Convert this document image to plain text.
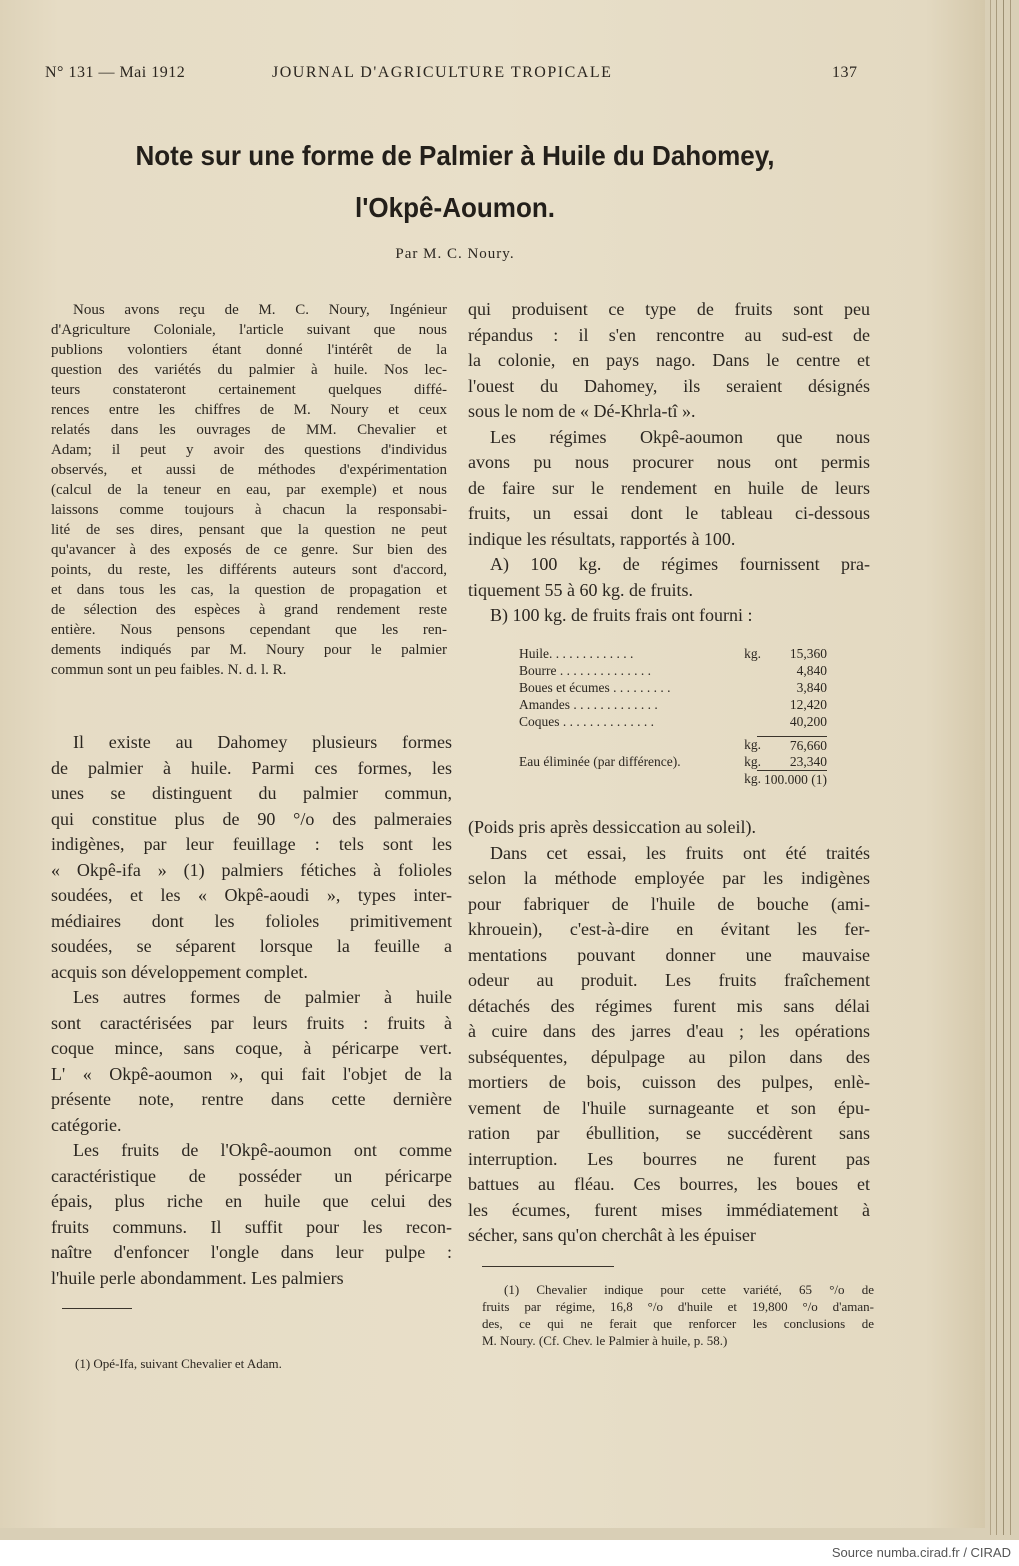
N° 131 — Mai 1912	JOURNAL D'AGRICULTURE TROPICALE	137
Note sur une forme de Palmier à Huile du Dahomey,
l'Okpê-Aoumon.
Par M. C. Noury.
Nous avons reçu de M. C. Noury, Ingénieur
d'Agriculture Coloniale, l'article suivant que nous
publions volontiers étant donné l'intérêt de la
question des variétés du palmier à huile. Nos lec-
teurs constateront certainement quelques diffé-
rences entre les chiffres de M. Noury et ceux
relatés dans les ouvrages de MM. Chevalier et
Adam; il peut y avoir des questions d'individus
observés, et aussi de méthodes d'expérimentation
(calcul de la teneur en eau, par exemple) et nous
laissons comme toujours à chacun la responsabi-
lité de ses dires, pensant que la question ne peut
qu'avancer à des exposés de ce genre. Sur bien des
points, du reste, les différents auteurs sont d'accord,
et dans tous les cas, la question de propagation et
de sélection des espèces à grand rendement reste
entière. Nous pensons cependant que les ren-
dements indiqués par M. Noury pour le palmier
commun sont un peu faibles. N. d. l. R.
Il existe au Dahomey plusieurs formes
de palmier à huile. Parmi ces formes, les
unes se distinguent du palmier commun,
qui constitue plus de 90 °/o des palmeraies
indigènes, par leur feuillage : tels sont les
« Okpê-ifa » (1) palmiers fétiches à folioles
soudées, et les « Okpê-aoudi », types inter-
médiaires dont les folioles primitivement
soudées, se séparent lorsque la feuille a
acquis son développement complet.
Les autres formes de palmier à huile
sont caractérisées par leurs fruits : fruits à
coque mince, sans coque, à péricarpe vert.
L' « Okpê-aoumon », qui fait l'objet de la
présente note, rentre dans cette dernière
catégorie.
Les fruits de l'Okpê-aoumon ont comme
caractéristique de posséder un péricarpe
épais, plus riche en huile que celui des
fruits communs. Il suffit pour les recon-
naître d'enfoncer l'ongle dans leur pulpe :
l'huile perle abondamment. Les palmiers
(1) Opé-Ifa, suivant Chevalier et Adam.
qui produisent ce type de fruits sont peu
répandus : il s'en rencontre au sud-est de
la colonie, en pays nago. Dans le centre et
l'ouest du Dahomey, ils seraient désignés
sous le nom de « Dé-Khrla-tî ».
Les régimes Okpê-aoumon que nous
avons pu nous procurer nous ont permis
de faire sur le rendement en huile de leurs
fruits, un essai dont le tableau ci-dessous
indique les résultats, rapportés à 100.
A) 100 kg. de régimes fournissent pra-
tiquement 55 à 60 kg. de fruits.
B) 100 kg. de fruits frais ont fourni :
Huile. . . . . . . . . . . . .	kg.	15,360
Bourre . . . . . . . . . . . . . .	4,840
Boues et écumes . . . . . . . . .	3,840
Amandes . . . . . . . . . . . . .	12,420
Coques . . . . . . . . . . . . . .	40,200
kg.	76,660
Eau éliminée (par différence).	kg.	23,340
kg. 100.000 (1)
(Poids pris après dessiccation au soleil).
Dans cet essai, les fruits ont été traités
selon la méthode employée par les indigènes
pour fabriquer de l'huile de bouche (ami-
khrouein), c'est-à-dire en évitant les fer-
mentations pouvant donner une mauvaise
odeur au produit. Les fruits fraîchement
détachés des régimes furent mis sans délai
à cuire dans des jarres d'eau ; les opérations
subséquentes, dépulpage au pilon dans des
mortiers de bois, cuisson des pulpes, enlè-
vement de l'huile surnageante et son épu-
ration par ébullition, se succédèrent sans
interruption. Les bourres ne furent pas
battues au fléau. Ces bourres, les boues et
les écumes, furent mises immédiatement à
sécher, sans qu'on cherchât à les épuiser
(1) Chevalier indique pour cette variété, 65 °/o de
fruits par régime, 16,8 °/o d'huile et 19,800 °/o d'aman-
des, ce qui ne ferait que renforcer les conclusions de
M. Noury. (Cf. Chev. le Palmier à huile, p. 58.)
Source numba.cirad.fr / CIRAD
